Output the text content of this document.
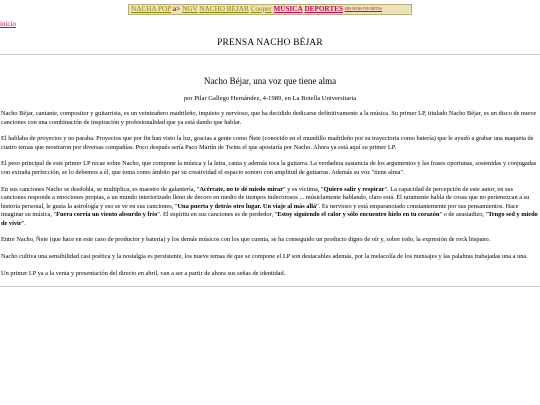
NACHA POP a> NGV NACHO BÉJAR Cooper MÚSICA DEPORTES MIS WEBS FAVORITAS
inicio
PRENSA NACHO BÉJAR
Nacho Béjar, una voz que tiene alma
por Pilar Gallego Hernández, 4-1989, en La Botella Universitaria

Nacho Béjar, cantante, compositor y guitarrista, es un veinteañero madrileño, inquieto y nervioso, que ha decidido dedicarse definitivamente a la música. Su primer LP, titulado Nacho Béjar, es un disco de nueve canciones con una combinación de inspiración y profesionalidad que ya está dando que hablar.

El hablaba de proyectos y no paraba. Proyectos que por fin han visto la luz, gracias a gente como Ñete (conocido en el mundillo madrileño por su trayectoria como batería) que le ayudó a grabar una maqueta de cuatro temas que mostraron por diversas compañías. Poco después sería Paco Martín de Twins el que apostaría por Nacho. Ahora ya está aquí su primer LP.

El peso principal de este primer LP recae sobre Nacho, que compone la música y la letra, canta y además toca la guitarra. La verdadera sustancia de los argumentos y las frases oportunas, sostenidas y conjugadas con extraña perfección, se lo debemos a él, que toma como ámbito par su creatividad el espacio sonoro con amplitud de guitarras. Además su voz "tiene alma".

En sus canciones Nacho se desdobla, se multiplica, es maestro de galantería, "Acércate, no te dé miedo mirar" y es víctima, "Quiero salir y respirar". La capacidad de percepción de este autor, en sus canciones responde a emociones propias, a un mundo interiorizado lleno de decoro en medio de tiempos indecorosos ... músiclamente hablando, claro está. Él raramente habla de cosas que no pertenezcan a su historia personal, le gusta la astrología y eso se ve en sus canciones, "Una puerta y detrás otro lugar. Un viaje al más allá". Es nervioso y está emparanoiado constantemente por sus pensamientos. Hace imaginar su música, "Fuera corría un viento absurdo y frío". El espíritu en sus canciones es de perdedor, "Estoy siguiendo el calor y sólo encuentro hielo en tu corazón" o de asustadizo, "Tengo sed y miedo de vivir".

Entre Nacho, Ñete (que hace en este caso de productor y batería) y los demás músicos con los que cuenta, se ha conseguido un producto digno de oír y, sobre todo, la expresión de rock hispano.

Nacho cultiva una sensibilidad casi poética y la nostalgia es persistente, los nueve temas de que se compone el LP son destacables además, por la melacolía de los mensajes y las palabras trabajadas una a una.

Un primer LP ya a la venta y presentación del directo en abril, van a ser a partir de ahora sus señas de identidad.
